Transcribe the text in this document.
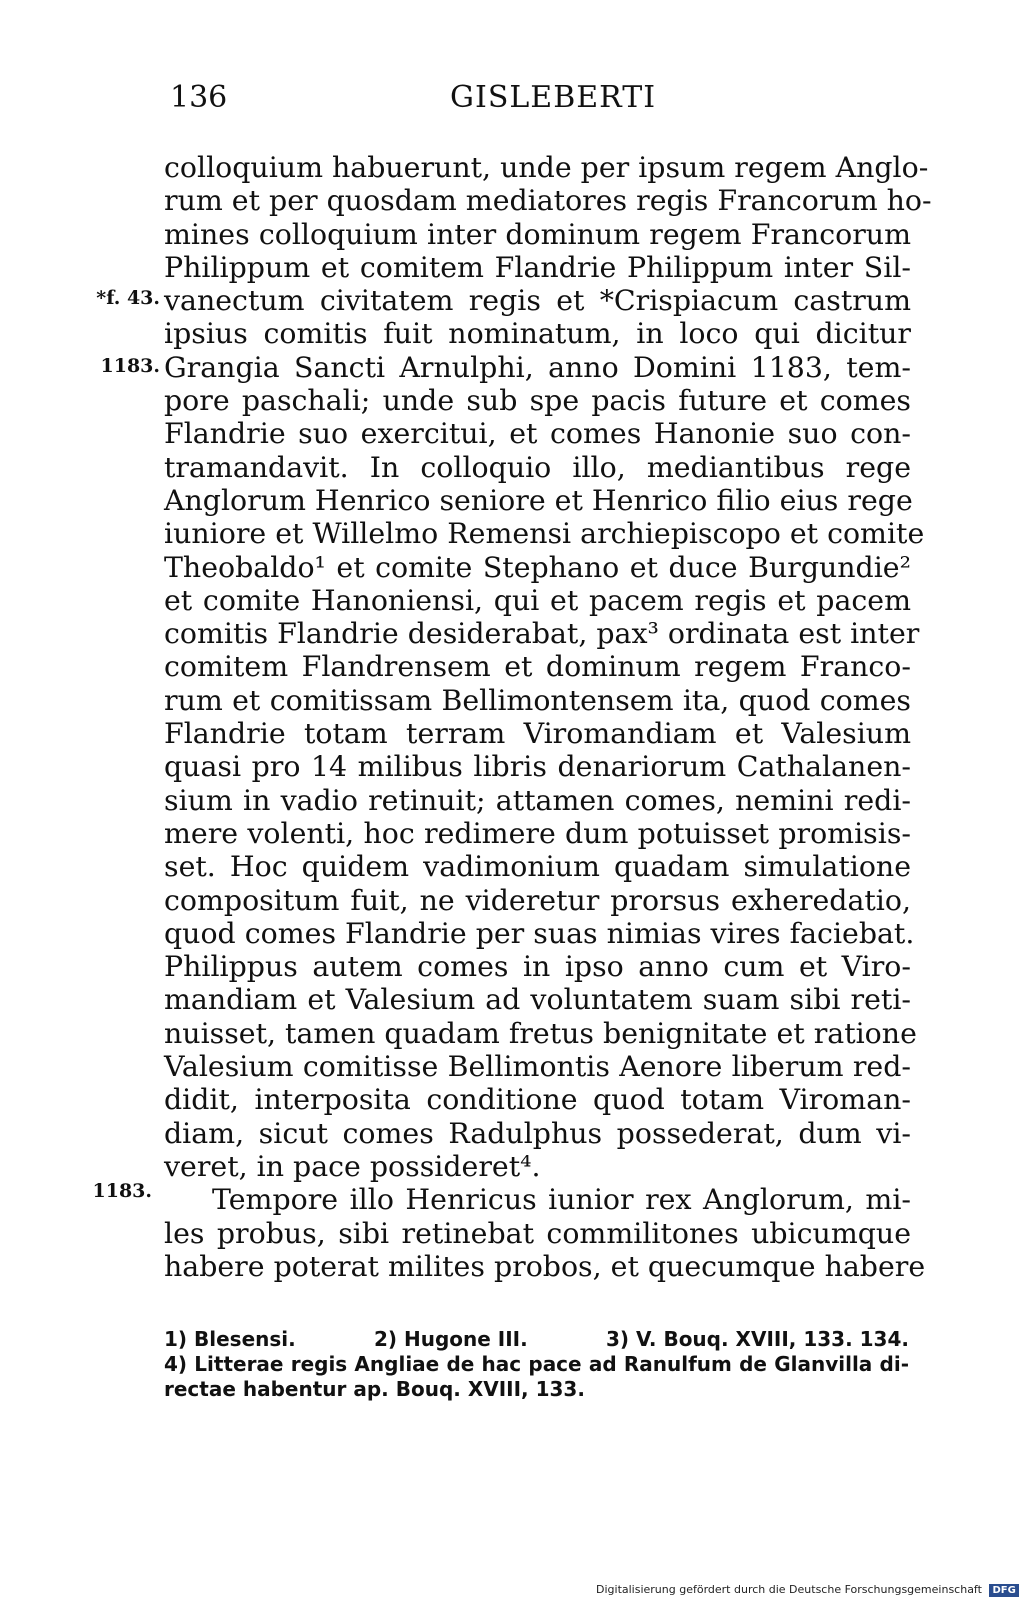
136	GISLEBERTI
*f. 43.
1183.
1183.
colloquium habuerunt, unde per ipsum regem Anglo-
rum et per quosdam mediatores regis Francorum ho-
mines colloquium inter dominum regem Francorum
Philippum et comitem Flandrie Philippum inter Sil-
vanectum civitatem regis et *Crispiacum castrum
ipsius comitis fuit nominatum, in loco qui dicitur
Grangia Sancti Arnulphi, anno Domini 1183, tem-
pore paschali; unde sub spe pacis future et comes
Flandrie suo exercitui, et comes Hanonie suo con-
tramandavit. In colloquio illo, mediantibus rege
Anglorum Henrico seniore et Henrico filio eius rege
iuniore et Willelmo Remensi archiepiscopo et comite
Theobaldo¹ et comite Stephano et duce Burgundie²
et comite Hanoniensi, qui et pacem regis et pacem
comitis Flandrie desiderabat, pax³ ordinata est inter
comitem Flandrensem et dominum regem Franco-
rum et comitissam Bellimontensem ita, quod comes
Flandrie totam terram Viromandiam et Valesium
quasi pro 14 milibus libris denariorum Cathalanen-
sium in vadio retinuit; attamen comes, nemini redi-
mere volenti, hoc redimere dum potuisset promisis-
set. Hoc quidem vadimonium quadam simulatione
compositum fuit, ne videretur prorsus exheredatio,
quod comes Flandrie per suas nimias vires faciebat.
Philippus autem comes in ipso anno cum et Viro-
mandiam et Valesium ad voluntatem suam sibi reti-
nuisset, tamen quadam fretus benignitate et ratione
Valesium comitisse Bellimontis Aenore liberum red-
didit, interposita conditione quod totam Viroman-
diam, sicut comes Radulphus possederat, dum vi-
veret, in pace possideret⁴.
Tempore illo Henricus iunior rex Anglorum, mi-
les probus, sibi retinebat commilitones ubicumque
habere poterat milites probos, et quecumque habere
1) Blesensi.	2) Hugone III.	3) V. Bouq. XVIII, 133. 134.
4) Litterae regis Angliae de hac pace ad Ranulfum de Glanvilla di-
rectae habentur ap. Bouq. XVIII, 133.
Digitalisierung gefördert durch die Deutsche Forschungsgemeinschaft DFG
